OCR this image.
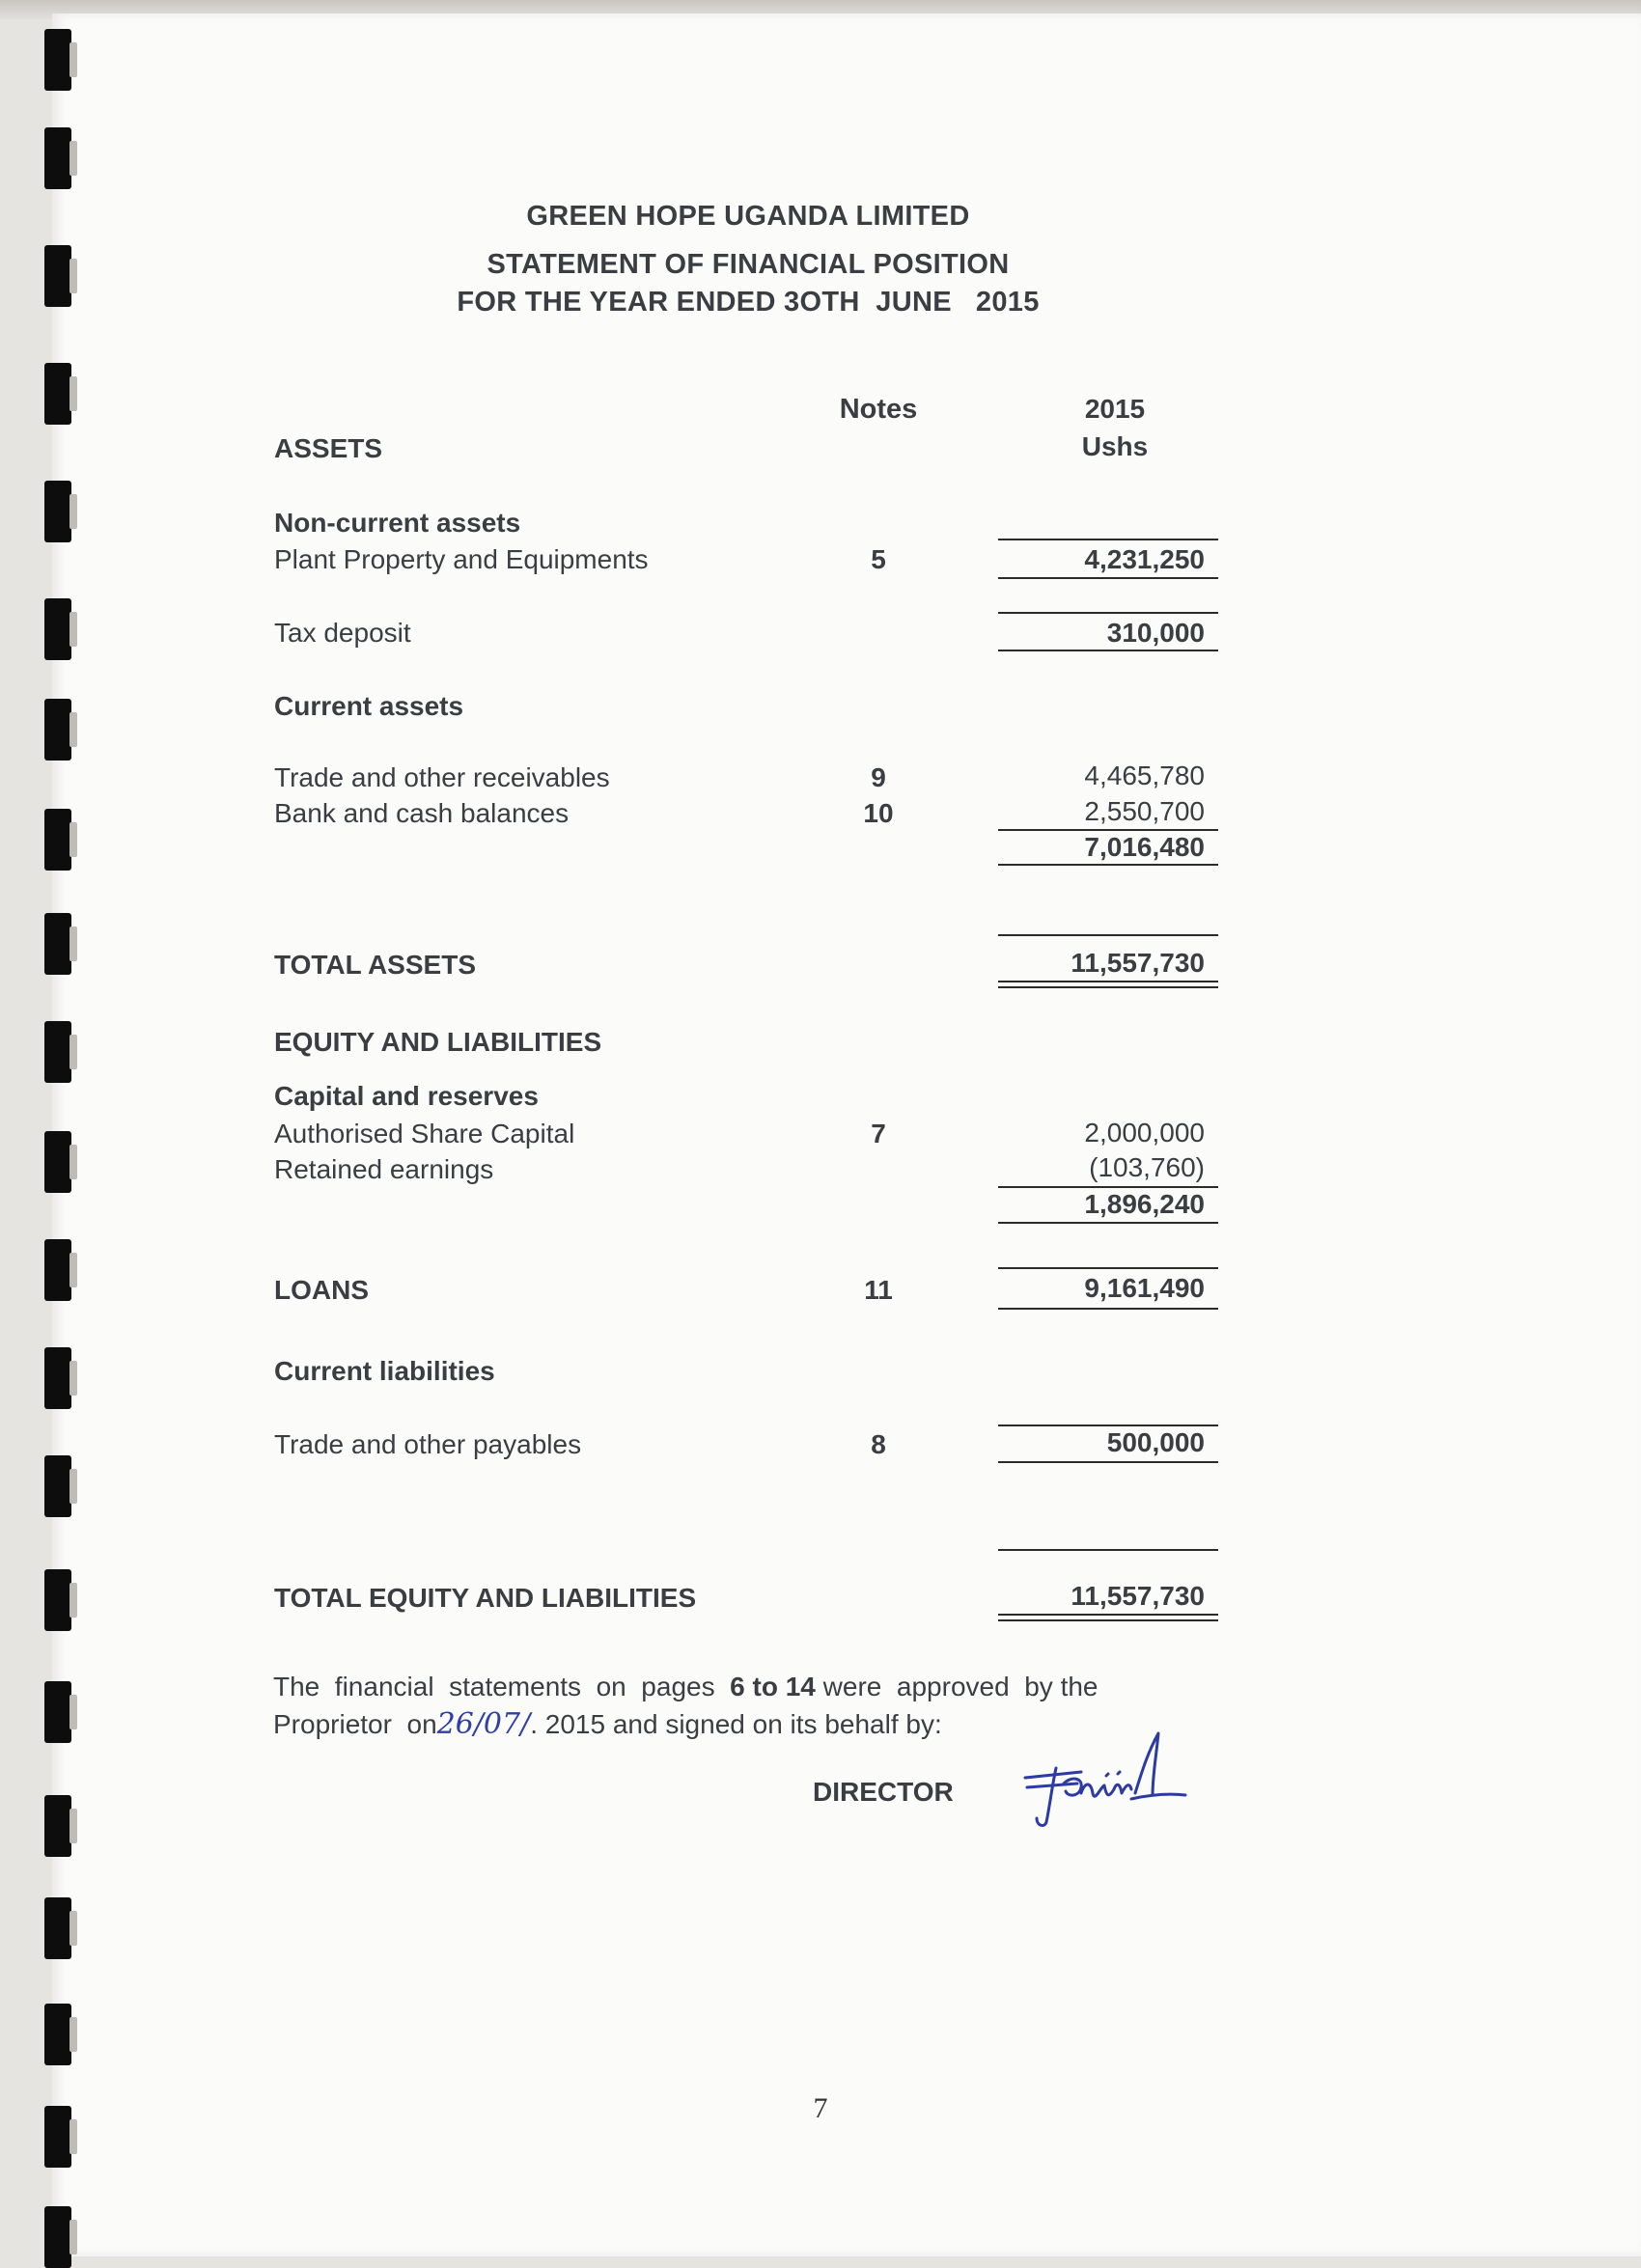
GREEN HOPE UGANDA LIMITED
STATEMENT OF FINANCIAL POSITION
FOR THE YEAR ENDED 3OTH  JUNE   2015
Notes	2015
Ushs
ASSETS
Non-current assets
Plant Property and Equipments	5	4,231,250
Tax deposit	310,000
Current assets
Trade and other receivables	9	4,465,780
Bank and cash balances	10	2,550,700
7,016,480
TOTAL ASSETS	11,557,730
EQUITY AND LIABILITIES
Capital and reserves
Authorised Share Capital	7	2,000,000
Retained earnings	(103,760)
1,896,240
LOANS	11	9,161,490
Current liabilities
Trade and other payables	8	500,000
TOTAL EQUITY AND LIABILITIES	11,557,730
The  financial  statements  on  pages 6 to 14 were  approved  by the
Proprietor  on26/07/. 2015 and signed on its behalf by:
DIRECTOR
7
